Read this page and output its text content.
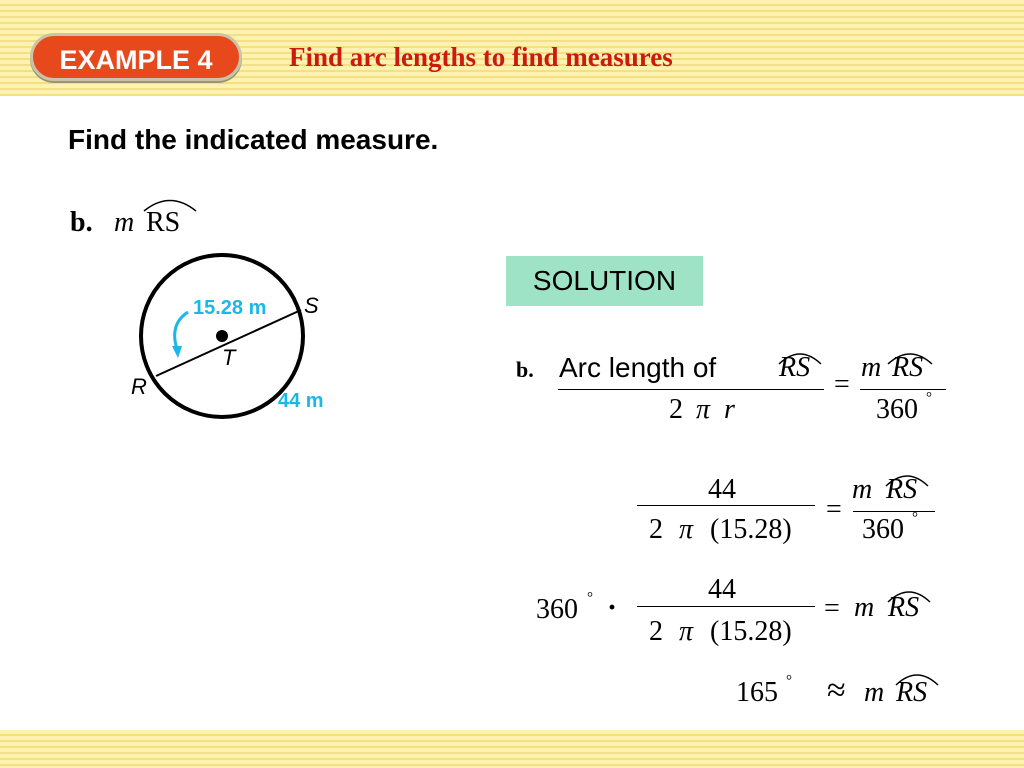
EXAMPLE 4	Find arc lengths to find measures
Find the indicated measure.
b. m RS
15.28 m S
T
R
44 m
SOLUTION
b. Arc length of RS
2 π r
=
m RS
360 °
44
2 π (15.28)
=
m RS
360 °
360 ° ·
44
2 π (15.28)
= m RS
165 ° ≈ m RS
